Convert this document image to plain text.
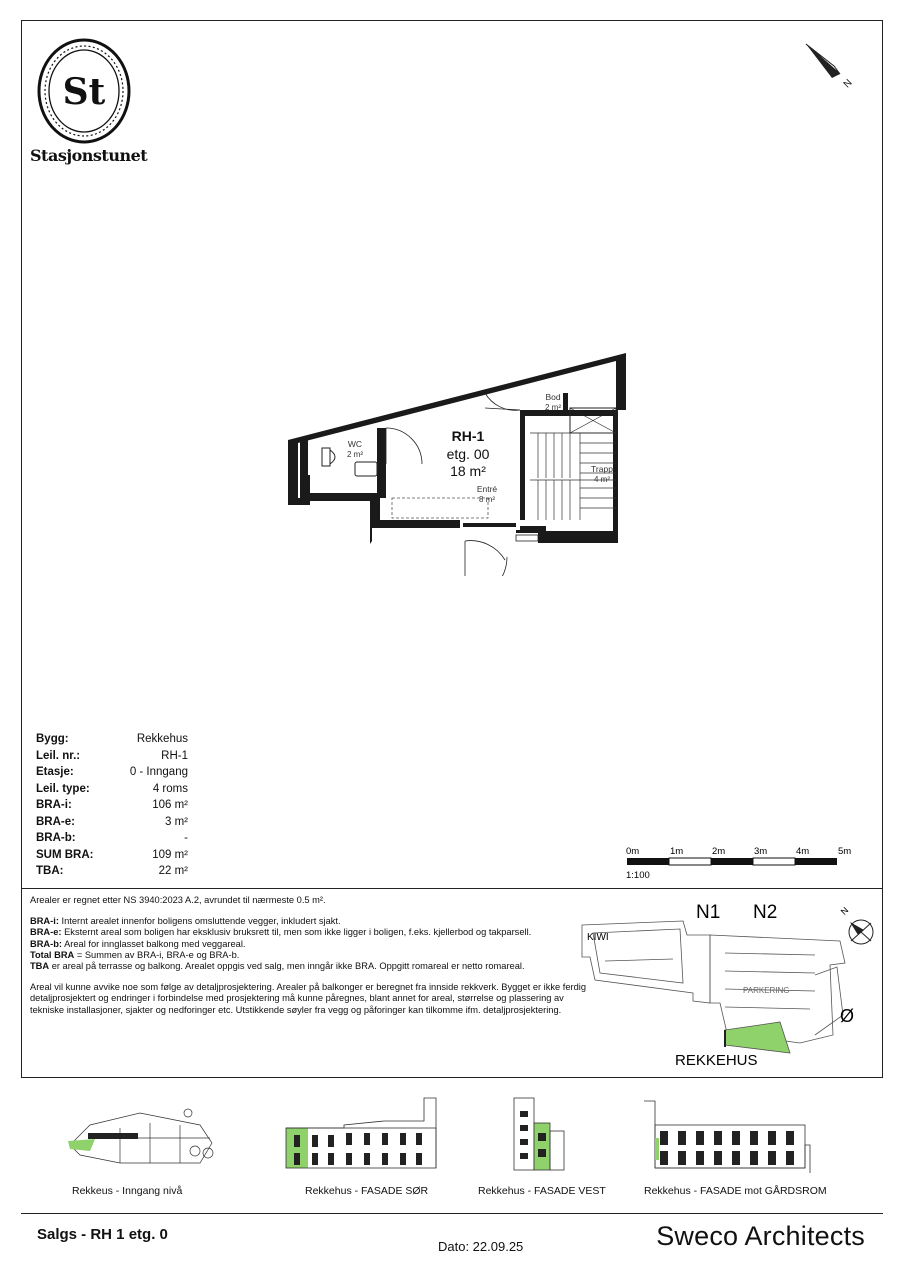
St
Stasjonstunet
N
WC
2 m²
Bod
2 m²
Trapp
4 m²
Entré
8 m²
RH-1
etg. 00
18 m²
Bygg:	Rekkehus
Leil. nr.:	RH-1
Etasje:	0 - Inngang
Leil. type:	4 roms
BRA-i:	106 m²
BRA-e:	3 m²
BRA-b:	-
SUM BRA:	109 m²
TBA:	22 m²
0m	1m	2m	3m	4m	5m
1:100

Arealer er regnet etter NS 3940:2023 A.2, avrundet til nærmeste 0.5 m².

BRA-i: Internt arealet innenfor boligens omsluttende vegger, inkludert sjakt.
BRA-e: Eksternt areal som boligen har eksklusiv bruksrett til, men som ikke ligger i boligen, f.eks. kjellerbod og takparsell.
BRA-b: Areal for innglasset balkong med veggareal.
Total BRA = Summen av BRA-i, BRA-e og BRA-b.
TBA er areal på terrasse og balkong. Arealet oppgis ved salg, men inngår ikke BRA. Oppgitt romareal er netto romareal.

Areal vil kunne avvike noe som følge av detaljprosjektering. Arealer på balkonger er beregnet fra innside rekkverk. Bygget er ikke ferdig detaljprosjektert og endringer i forbindelse med prosjektering må kunne påregnes, blant annet for areal, størrelse og plassering av tekniske installasjoner, sjakter og nedforinger etc. Utstikkende søyler fra vegg og påforinger kan tilkomme ifm. detaljprosjektering.

N1 N2
KIWI
PARKERING
Ø
REKKEHUS
N
Rekkeus - Inngang nivå	Rekkehus - FASADE SØR	Rekkehus - FASADE VEST	Rekkehus - FASADE mot GÅRDSROM
Salgs - RH 1 etg. 0
Dato: 22.09.25	Sweco Architects
